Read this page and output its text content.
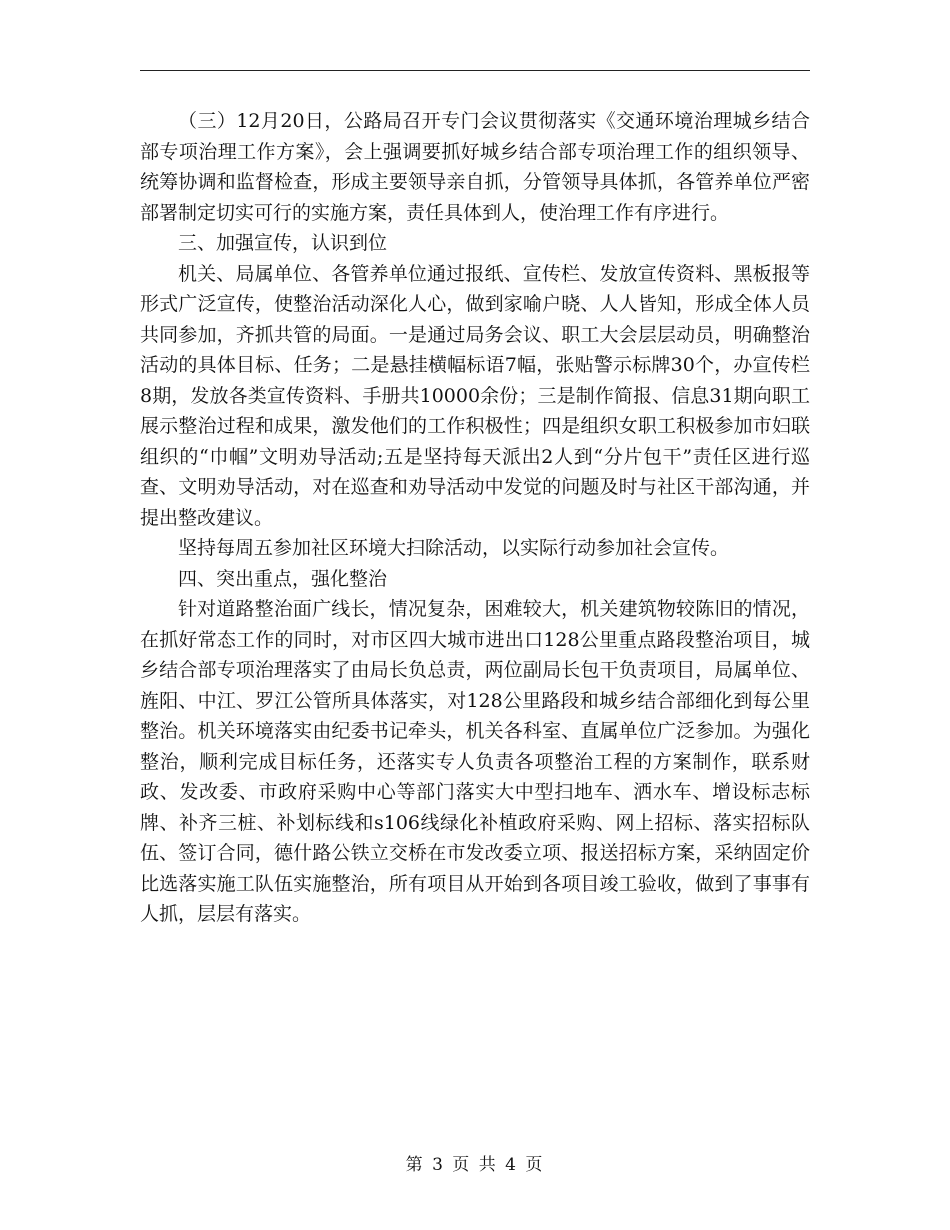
（三）12月20日，公路局召开专门会议贯彻落实《交通环境治理城乡结合部专项治理工作方案》，会上强调要抓好城乡结合部专项治理工作的组织领导、统筹协调和监督检查，形成主要领导亲自抓，分管领导具体抓，各管养单位严密部署制定切实可行的实施方案，责任具体到人，使治理工作有序进行。

三、加强宣传，认识到位

机关、局属单位、各管养单位通过报纸、宣传栏、发放宣传资料、黑板报等形式广泛宣传，使整治活动深化人心，做到家喻户晓、人人皆知，形成全体人员共同参加，齐抓共管的局面。一是通过局务会议、职工大会层层动员，明确整治活动的具体目标、任务；二是悬挂横幅标语7幅，张贴警示标牌30个，办宣传栏8期，发放各类宣传资料、手册共10000余份；三是制作简报、信息31期向职工展示整治过程和成果，激发他们的工作积极性；四是组织女职工积极参加市妇联组织的“巾帼”文明劝导活动;五是坚持每天派出2人到“分片包干”责任区进行巡查、文明劝导活动，对在巡查和劝导活动中发觉的问题及时与社区干部沟通，并提出整改建议。

坚持每周五参加社区环境大扫除活动，以实际行动参加社会宣传。

四、突出重点，强化整治

针对道路整治面广线长，情况复杂，困难较大，机关建筑物较陈旧的情况，在抓好常态工作的同时，对市区四大城市进出口128公里重点路段整治项目，城乡结合部专项治理落实了由局长负总责，两位副局长包干负责项目，局属单位、旌阳、中江、罗江公管所具体落实，对128公里路段和城乡结合部细化到每公里整治。机关环境落实由纪委书记牵头，机关各科室、直属单位广泛参加。为强化整治，顺利完成目标任务，还落实专人负责各项整治工程的方案制作，联系财政、发改委、市政府采购中心等部门落实大中型扫地车、洒水车、增设标志标牌、补齐三桩、补划标线和s106线绿化补植政府采购、网上招标、落实招标队伍、签订合同，德什路公铁立交桥在市发改委立项、报送招标方案，采纳固定价比选落实施工队伍实施整治，所有项目从开始到各项目竣工验收，做到了事事有人抓，层层有落实。

第 3 页 共 4 页
